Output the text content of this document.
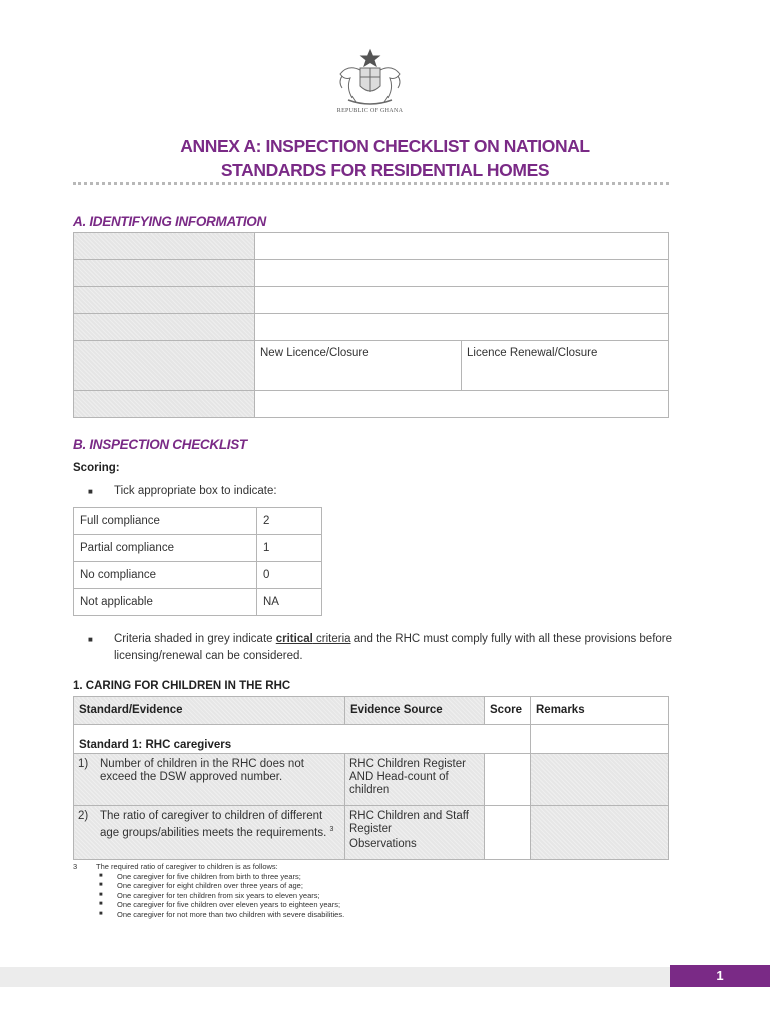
REPUBLIC OF GHANA
ANNEX A: INSPECTION CHECKLIST ON NATIONAL
STANDARDS FOR RESIDENTIAL HOMES
A. IDENTIFYING INFORMATION

	New Licence/Closure	Licence Renewal/Closure

B. INSPECTION CHECKLIST
Scoring:
■ Tick appropriate box to indicate:
Full compliance	2
Partial compliance	1
No compliance	0
Not applicable	NA
■ Criteria shaded in grey indicate critical criteria and the RHC must comply fully with all these provisions before licensing/renewal can be considered.
1. CARING FOR CHILDREN IN THE RHC
Standard/Evidence	Evidence Source	Score	Remarks
Standard 1: RHC caregivers			
1) Number of children in the RHC does not exceed the DSW approved number.	RHC Children Register AND Head-count of children		
2) The ratio of caregiver to children of different age groups/abilities meets the requirements. $^3$	RHC Children and Staff Register
Observations		

3	The required ratio of caregiver to children is as follows:
■ One caregiver for five children from birth to three years;
■ One caregiver for eight children over three years of age;
■ One caregiver for ten children from six years to eleven years;
■ One caregiver for five children over eleven years to eighteen years;
■ One caregiver for not more than two children with severe disabilities.
1
